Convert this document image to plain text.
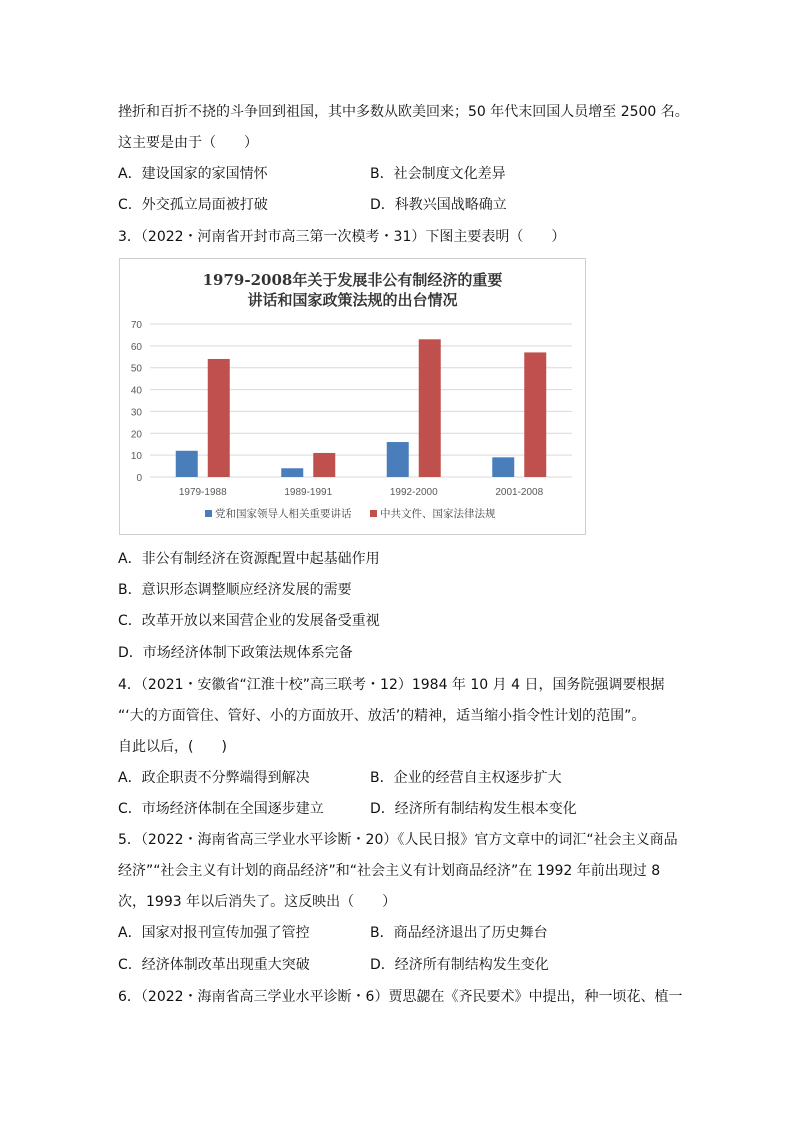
挫折和百折不挠的斗争回到祖国，其中多数从欧美回来；50 年代末回国人员增至 2500 名。
这主要是由于（　　）
A．建设国家的家国情怀	B．社会制度文化差异
C．外交孤立局面被打破	D．科教兴国战略确立
3．（2022・河南省开封市高三第一次模考・31）下图主要表明（　　）
1979-2008年关于发展非公有制经济的重要
讲话和国家政策法规的出台情况
0
10
20
30
40
50
60
70
1979-1988	1989-1991	1992-2000	2001-2008
党和国家领导人相关重要讲话	中共文件、国家法律法规
A．非公有制经济在资源配置中起基础作用
B．意识形态调整顺应经济发展的需要
C．改革开放以来国营企业的发展备受重视
D．市场经济体制下政策法规体系完备
4．（2021・安徽省“江淮十校”高三联考・12）1984 年 10 月 4 日，国务院强调要根据
“‘大的方面管住、管好、小的方面放开、放活’的精神，适当缩小指令性计划的范围”。
自此以后，(　　)
A．政企职责不分弊端得到解决	B．企业的经营自主权逐步扩大
C．市场经济体制在全国逐步建立	D．经济所有制结构发生根本变化
5．（2022・海南省高三学业水平诊断・20）《人民日报》官方文章中的词汇“社会主义商品
经济”“社会主义有计划的商品经济”和“社会主义有计划商品经济”在 1992 年前出现过 8
次，1993 年以后消失了。这反映出（　　）
A．国家对报刊宣传加强了管控	B．商品经济退出了历史舞台
C．经济体制改革出现重大突破	D．经济所有制结构发生变化
6．（2022・海南省高三学业水平诊断・6）贾思勰在《齐民要术》中提出，种一顷花、植一
